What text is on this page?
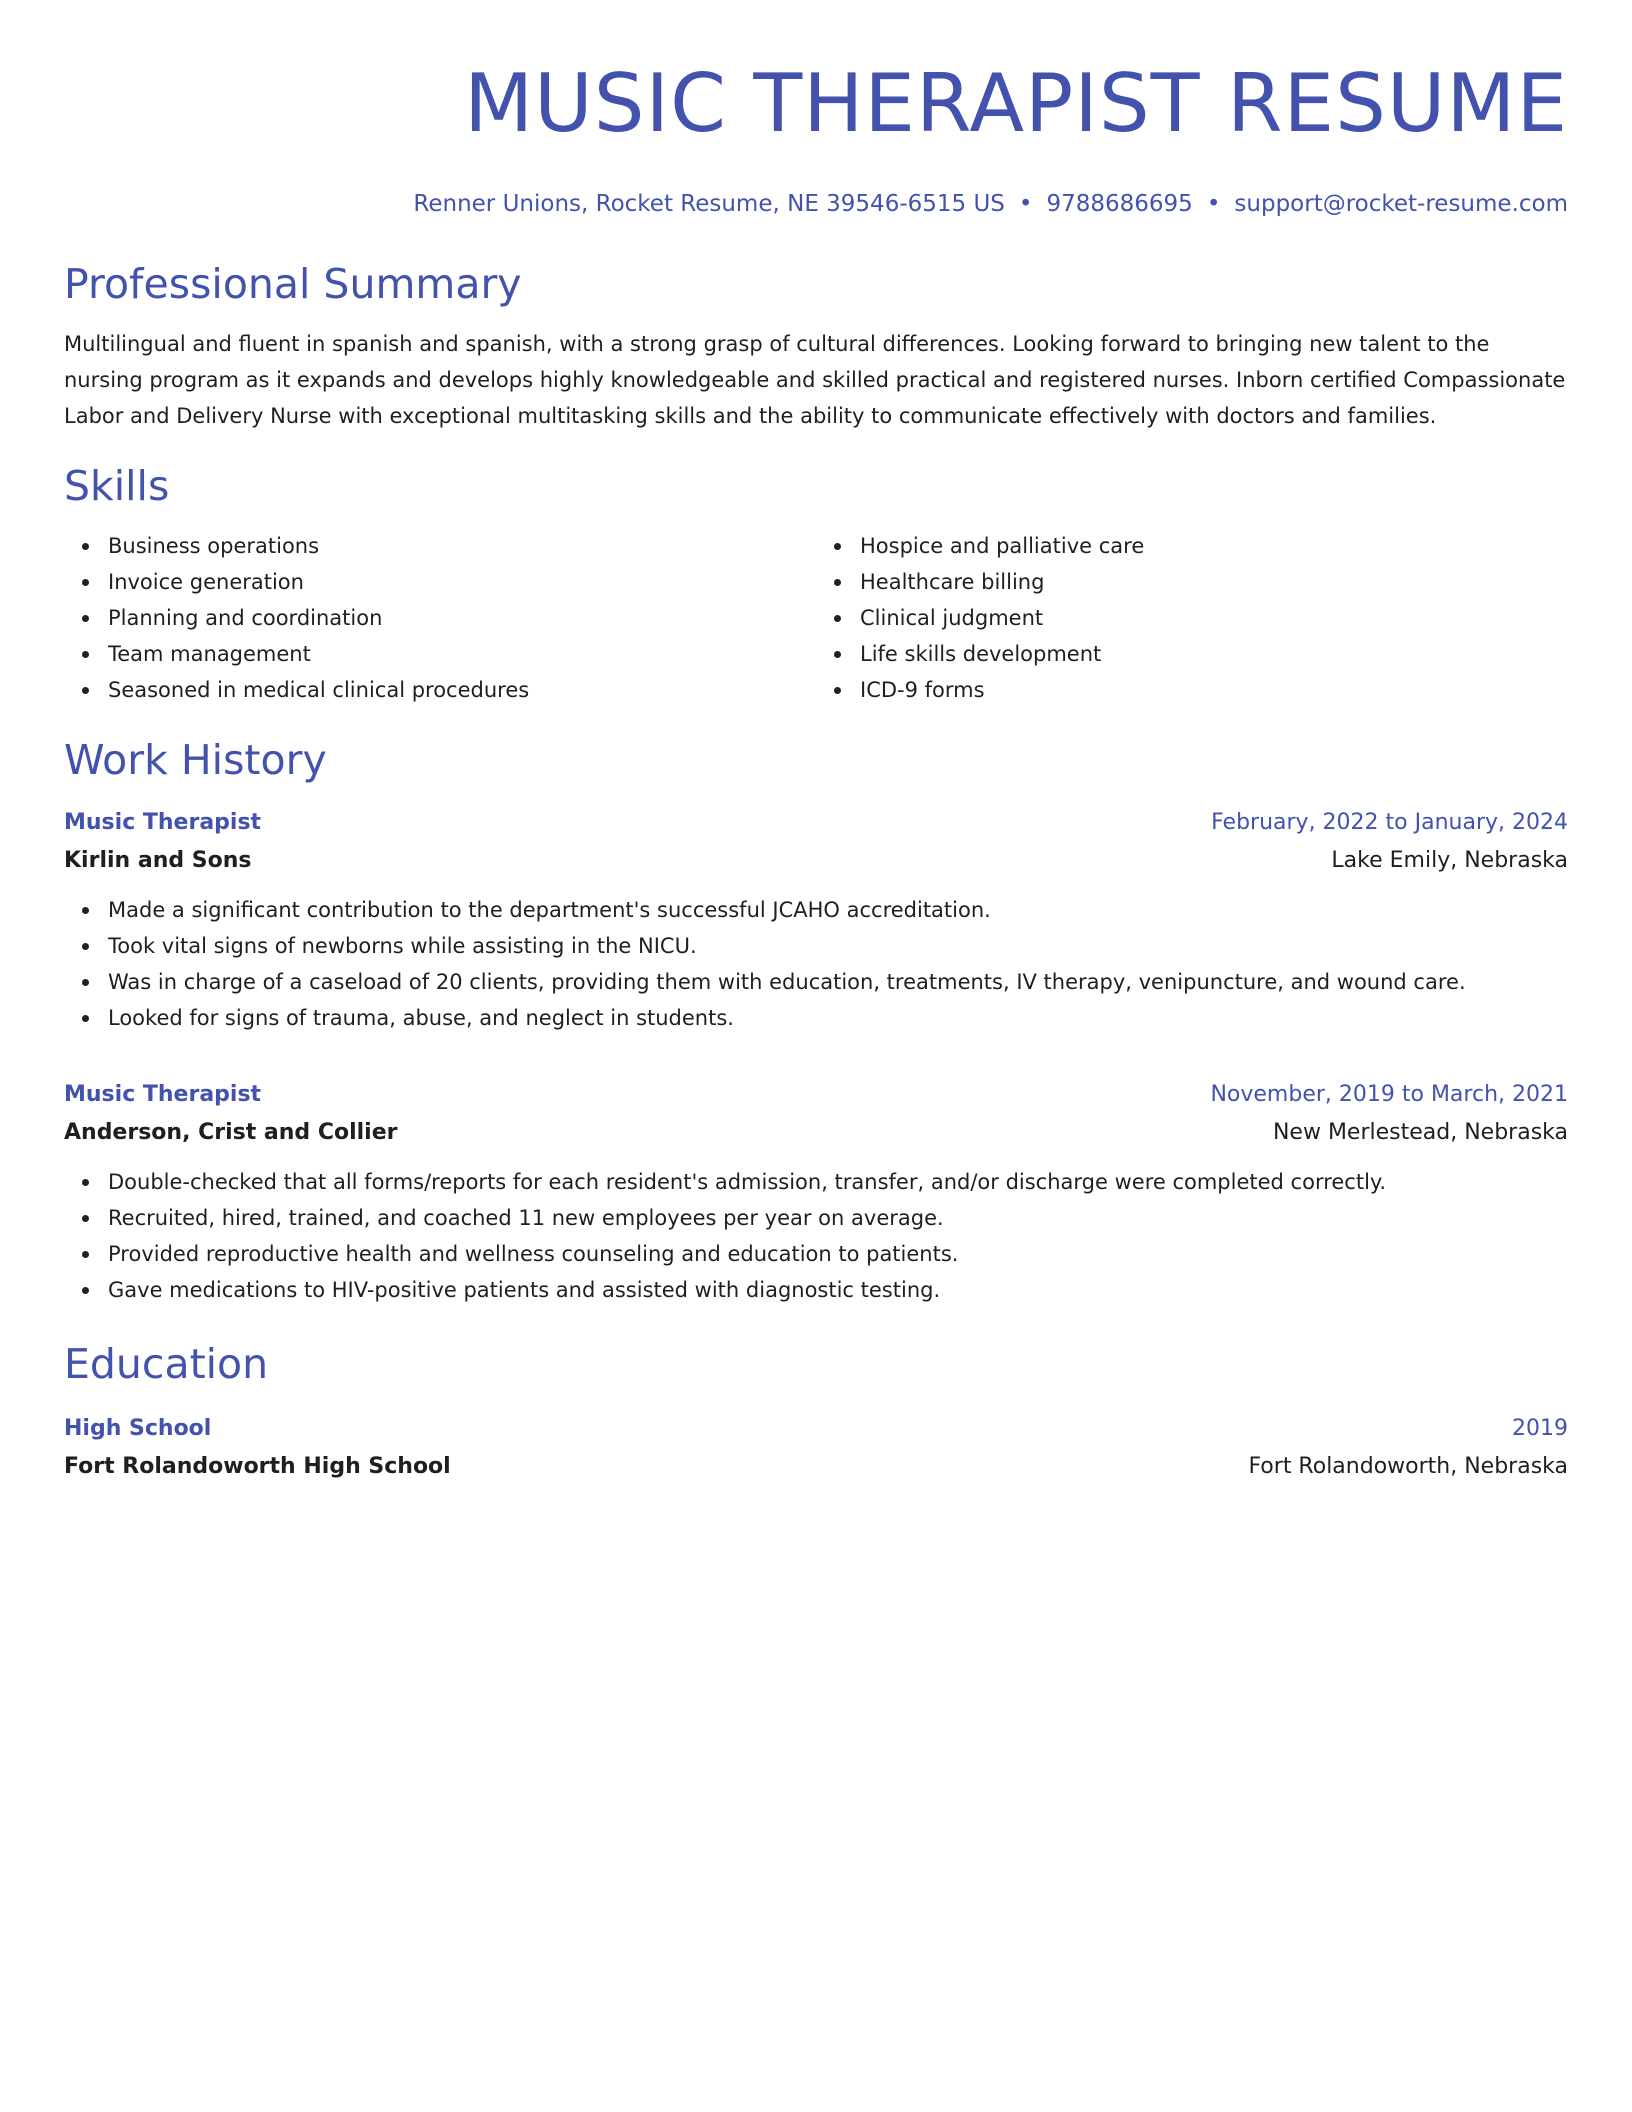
MUSIC THERAPIST RESUME
Renner Unions, Rocket Resume, NE 39546-6515 US • 9788686695 • support@rocket-resume.com
Professional Summary
Multilingual and fluent in spanish and spanish, with a strong grasp of cultural differences. Looking forward to bringing new talent to the nursing program as it expands and develops highly knowledgeable and skilled practical and registered nurses. Inborn certified Compassionate Labor and Delivery Nurse with exceptional multitasking skills and the ability to communicate effectively with doctors and families.
Skills
Business operations
Invoice generation
Planning and coordination
Team management
Seasoned in medical clinical procedures
Hospice and palliative care
Healthcare billing
Clinical judgment
Life skills development
ICD-9 forms
Work History
Music Therapist	February, 2022 to January, 2024
Kirlin and Sons	Lake Emily, Nebraska
Made a significant contribution to the department's successful JCAHO accreditation.
Took vital signs of newborns while assisting in the NICU.
Was in charge of a caseload of 20 clients, providing them with education, treatments, IV therapy, venipuncture, and wound care.
Looked for signs of trauma, abuse, and neglect in students.
Music Therapist	November, 2019 to March, 2021
Anderson, Crist and Collier	New Merlestead, Nebraska
Double-checked that all forms/reports for each resident's admission, transfer, and/or discharge were completed correctly.
Recruited, hired, trained, and coached 11 new employees per year on average.
Provided reproductive health and wellness counseling and education to patients.
Gave medications to HIV-positive patients and assisted with diagnostic testing.
Education
High School	2019
Fort Rolandoworth High School	Fort Rolandoworth, Nebraska
